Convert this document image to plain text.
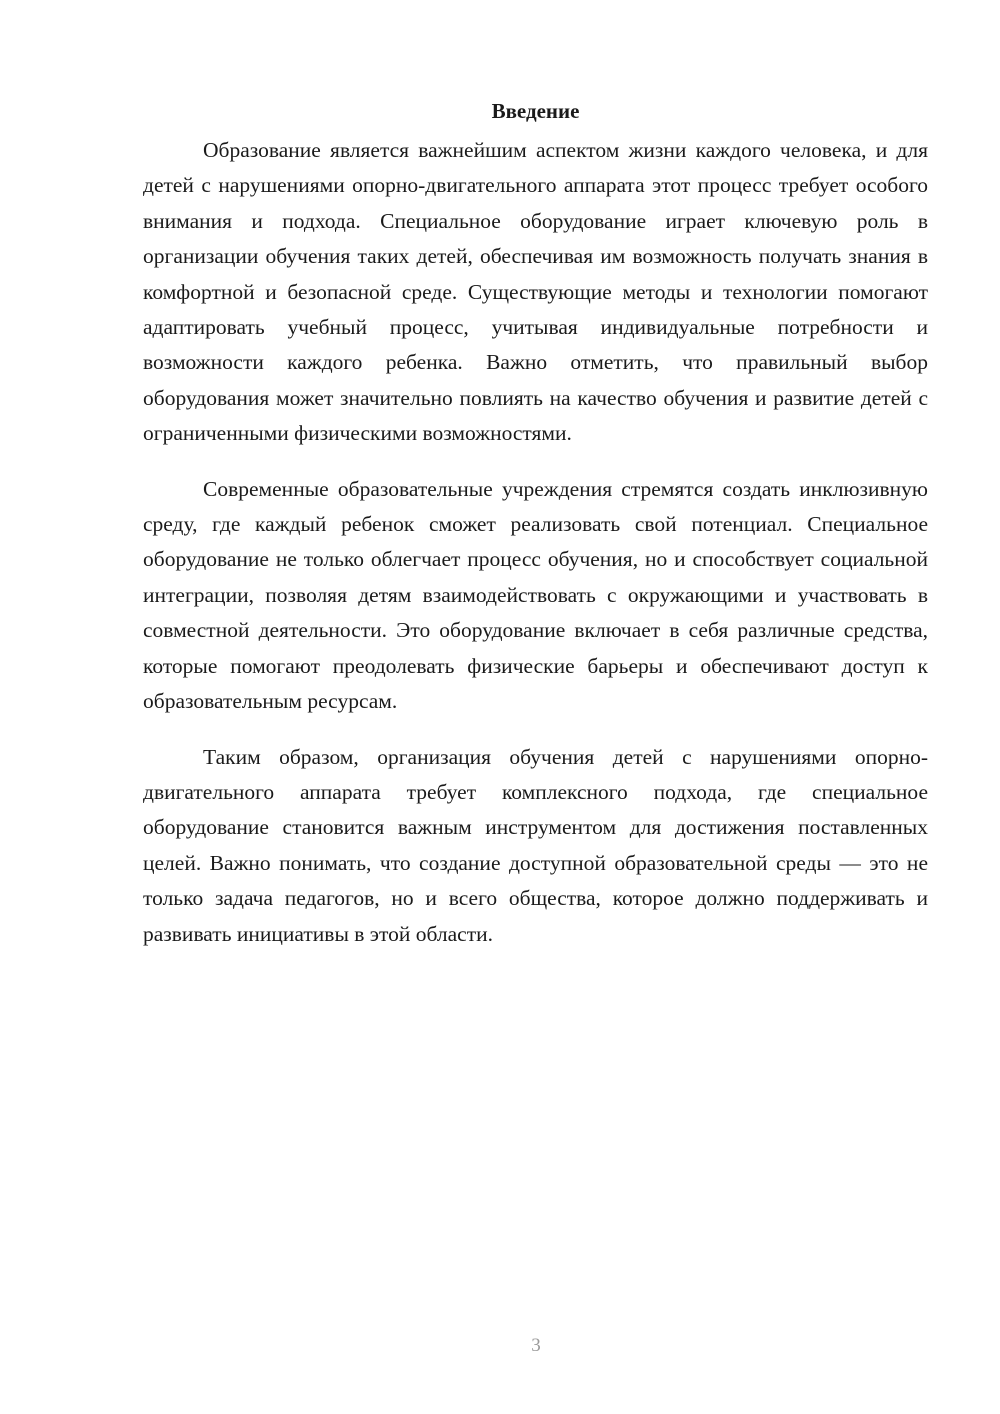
Введение

Образование является важнейшим аспектом жизни каждого человека, и для детей с нарушениями опорно-двигательного аппарата этот процесс требует особого внимания и подхода. Специальное оборудование играет ключевую роль в организации обучения таких детей, обеспечивая им возможность получать знания в комфортной и безопасной среде. Существующие методы и технологии помогают адаптировать учебный процесс, учитывая индивидуальные потребности и возможности каждого ребенка. Важно отметить, что правильный выбор оборудования может значительно повлиять на качество обучения и развитие детей с ограниченными физическими возможностями.

Современные образовательные учреждения стремятся создать инклюзивную среду, где каждый ребенок сможет реализовать свой потенциал. Специальное оборудование не только облегчает процесс обучения, но и способствует социальной интеграции, позволяя детям взаимодействовать с окружающими и участвовать в совместной деятельности. Это оборудование включает в себя различные средства, которые помогают преодолевать физические барьеры и обеспечивают доступ к образовательным ресурсам.

Таким образом, организация обучения детей с нарушениями опорно-двигательного аппарата требует комплексного подхода, где специальное оборудование становится важным инструментом для достижения поставленных целей. Важно понимать, что создание доступной образовательной среды — это не только задача педагогов, но и всего общества, которое должно поддерживать и развивать инициативы в этой области.

3
